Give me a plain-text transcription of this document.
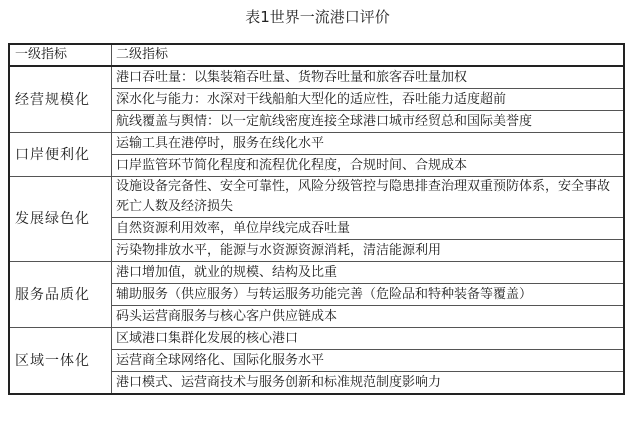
表1世界一流港口评价
一级指标	二级指标
经营规模化	港口吞吐量：以集装箱吞吐量、货物吞吐量和旅客吞吐量加权
	深水化与能力：水深对干线船舶大型化的适应性，吞吐能力适度超前
	航线覆盖与舆情：以一定航线密度连接全球港口城市经贸总和国际美誉度
口岸便利化	运输工具在港停时，服务在线化水平
	口岸监管环节简化程度和流程优化程度，合规时间、合规成本
发展绿色化	设施设备完备性、安全可靠性，风险分级管控与隐患排查治理双重预防体系，安全事故死亡人数及经济损失
	自然资源利用效率，单位岸线完成吞吐量
	污染物排放水平，能源与水资源资源消耗，清洁能源利用
服务品质化	港口增加值，就业的规模、结构及比重
	辅助服务（供应服务）与转运服务功能完善（危险品和特种装备等覆盖）
	码头运营商服务与核心客户供应链成本
区域一体化	区域港口集群化发展的核心港口
	运营商全球网络化、国际化服务水平
	港口模式、运营商技术与服务创新和标准规范制度影响力
